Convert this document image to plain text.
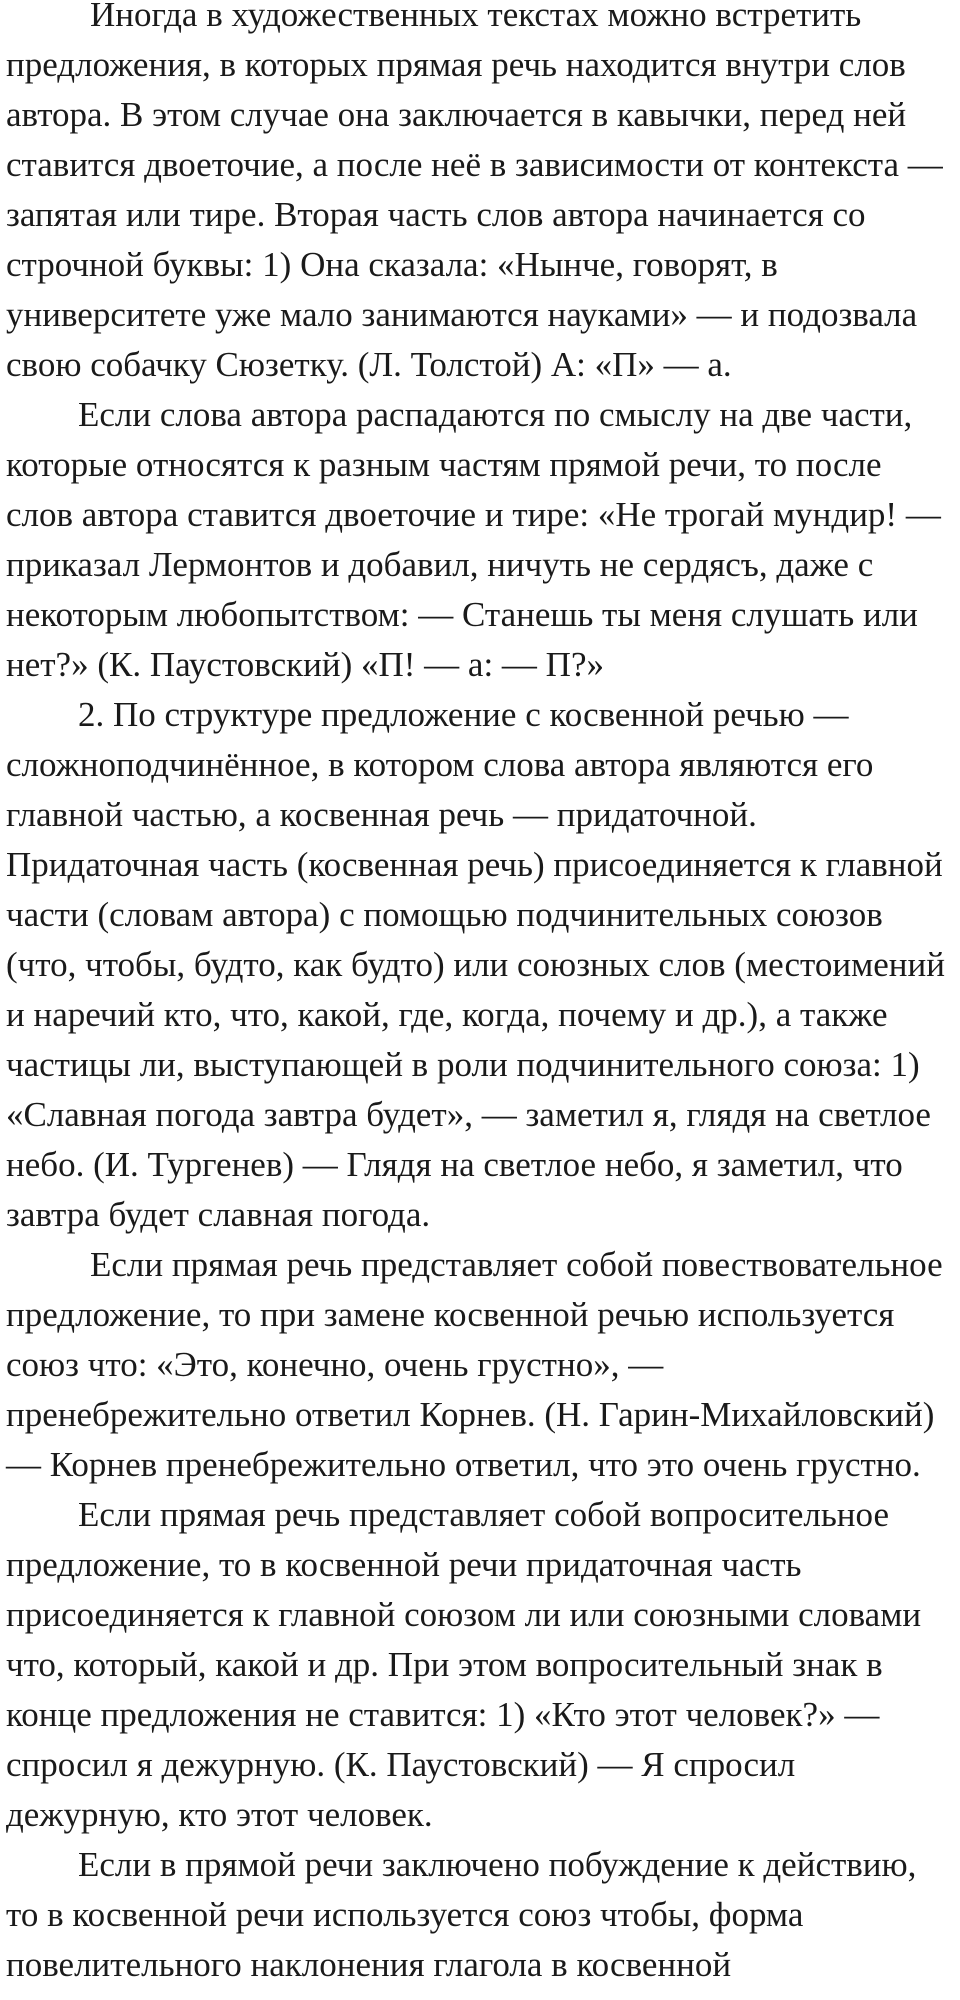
Иногда в художественных текстах можно встретить предложения, в которых прямая речь находится внутри слов автора. В этом случае она заключается в кавычки, перед ней ставится двоеточие, а после неё в зависимости от контекста — запятая или тире. Вторая часть слов автора начинается со строчной буквы: 1) Она сказала: «Нынче, говорят, в университете уже мало занимаются науками» — и подозвала свою собачку Сюзетку. (Л. Толстой) А: «П» — а.

Если слова автора распадаются по смыслу на две части, которые относятся к разным частям прямой речи, то после слов автора ставится двоеточие и тире: «Не трогай мундир! — приказал Лермонтов и добавил, ничуть не сердясъ, даже с некоторым любопытством: — Станешь ты меня слушать или нет?» (К. Паустовский) «П! — а: — П?»

2. По структуре предложение с косвенной речью — сложноподчинённое, в котором слова автора являются его главной частью, а косвенная речь — придаточной. Придаточная часть (косвенная речь) присоединяется к главной части (словам автора) с помощью подчинительных союзов (что, чтобы, будто, как будто) или союзных слов (местоимений и наречий кто, что, какой, где, когда, почему и др.), а также частицы ли, выступающей в роли подчинительного союза: 1) «Славная погода завтра будет», — заметил я, глядя на светлое небо. (И. Тургенев) — Глядя на светлое небо, я заметил, что завтра будет славная погода.

Если прямая речь представляет собой повествовательное предложение, то при замене косвенной речью используется союз что: «Это, конечно, очень грустно», — пренебрежительно ответил Корнев. (Н. Гарин-Михайловский) — Корнев пренебрежительно ответил, что это очень грустно.

Если прямая речь представляет собой вопросительное предложение, то в косвенной речи придаточная часть присоединяется к главной союзом ли или союзными словами что, который, какой и др. При этом вопросительный знак в конце предложения не ставится: 1) «Кто этот человек?» — спросил я дежурную. (К. Паустовский) — Я спросил дежурную, кто этот человек.

Если в прямой речи заключено побуждение к действию, то в косвенной речи используется союз чтобы, форма повелительного наклонения глагола в косвенной
